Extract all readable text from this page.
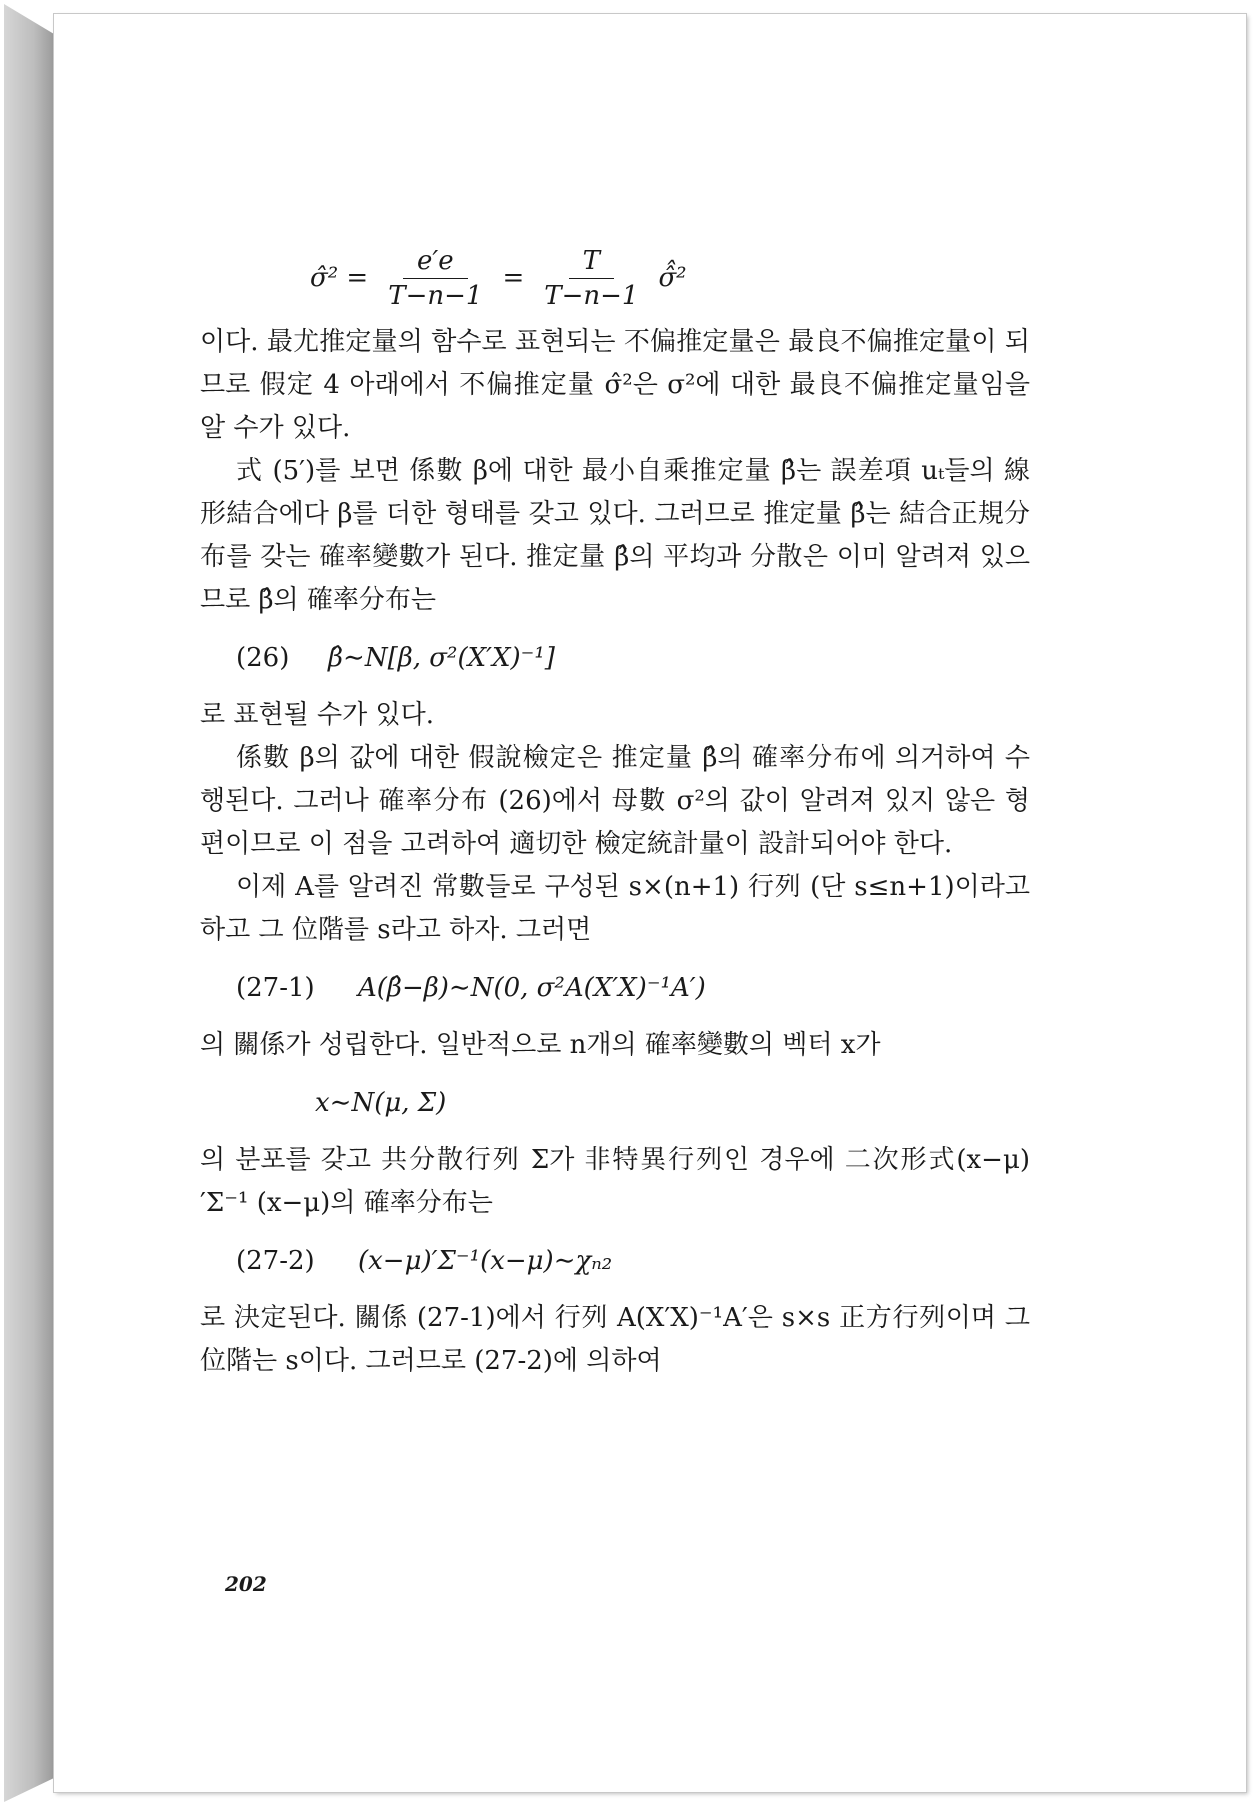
σ̂² = $\frac{e'e}{T-n-1} = \frac{T}{T-n-1}$ σ̂̂²

이다. 最尤推定量의 함수로 표현되는 不偏推定量은 最良不偏推定量이 되므로 假定 4 아래에서 不偏推定量 σ̂²은 σ²에 대한 最良不偏推定量임을 알 수가 있다.

式 (5′)를 보면 係數 β에 대한 最小自乘推定量 β̂는 誤差項 uₜ들의 線形結合에다 β를 더한 형태를 갖고 있다. 그러므로 推定量 β̂는 結合正規分布를 갖는 確率變數가 된다. 推定量 β̂의 平均과 分散은 이미 알려져 있으므로 β̂의 確率分布는

(26)	β̂∼N[β, σ²(X′X)⁻¹]

로 표현될 수가 있다.

係數 β의 값에 대한 假說檢定은 推定量 β̂의 確率分布에 의거하여 수행된다. 그러나 確率分布 (26)에서 母數 σ²의 값이 알려져 있지 않은 형편이므로 이 점을 고려하여 適切한 檢定統計量이 設計되어야 한다.

이제 A를 알려진 常數들로 구성된 s×(n+1) 行列 (단 s≤n+1)이라고 하고 그 位階를 s라고 하자. 그러면

(27-1)	A(β̂−β)∼N(0, σ²A(X′X)⁻¹A′)

의 關係가 성립한다. 일반적으로 n개의 確率變數의 벡터 x가

x∼N(μ, Σ)

의 분포를 갖고 共分散行列 Σ가 非特異行列인 경우에 二次形式(x−μ)′Σ⁻¹ (x−μ)의 確率分布는

(27-2)	(x−μ)′Σ⁻¹(x−μ)∼χₙ₂

로 決定된다. 關係 (27-1)에서 行列 A(X′X)⁻¹A′은 s×s 正方行列이며 그 位階는 s이다. 그러므로 (27-2)에 의하여

202
